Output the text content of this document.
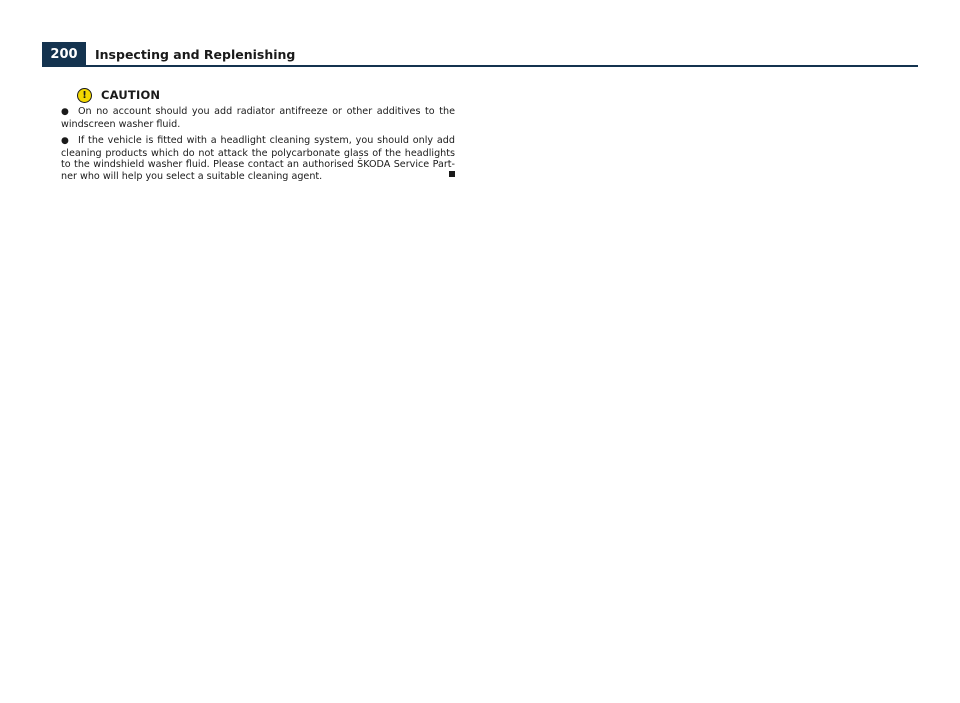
200	Inspecting and Replenishing
!	CAUTION

● On no account should you add radiator antifreeze or other additives to the windscreen washer fluid.

● If the vehicle is fitted with a headlight cleaning system, you should only add cleaning products which do not attack the polycarbonate glass of the headlights to the windshield washer fluid. Please contact an authorised ŠKODA Service Partner who will help you select a suitable cleaning agent.
